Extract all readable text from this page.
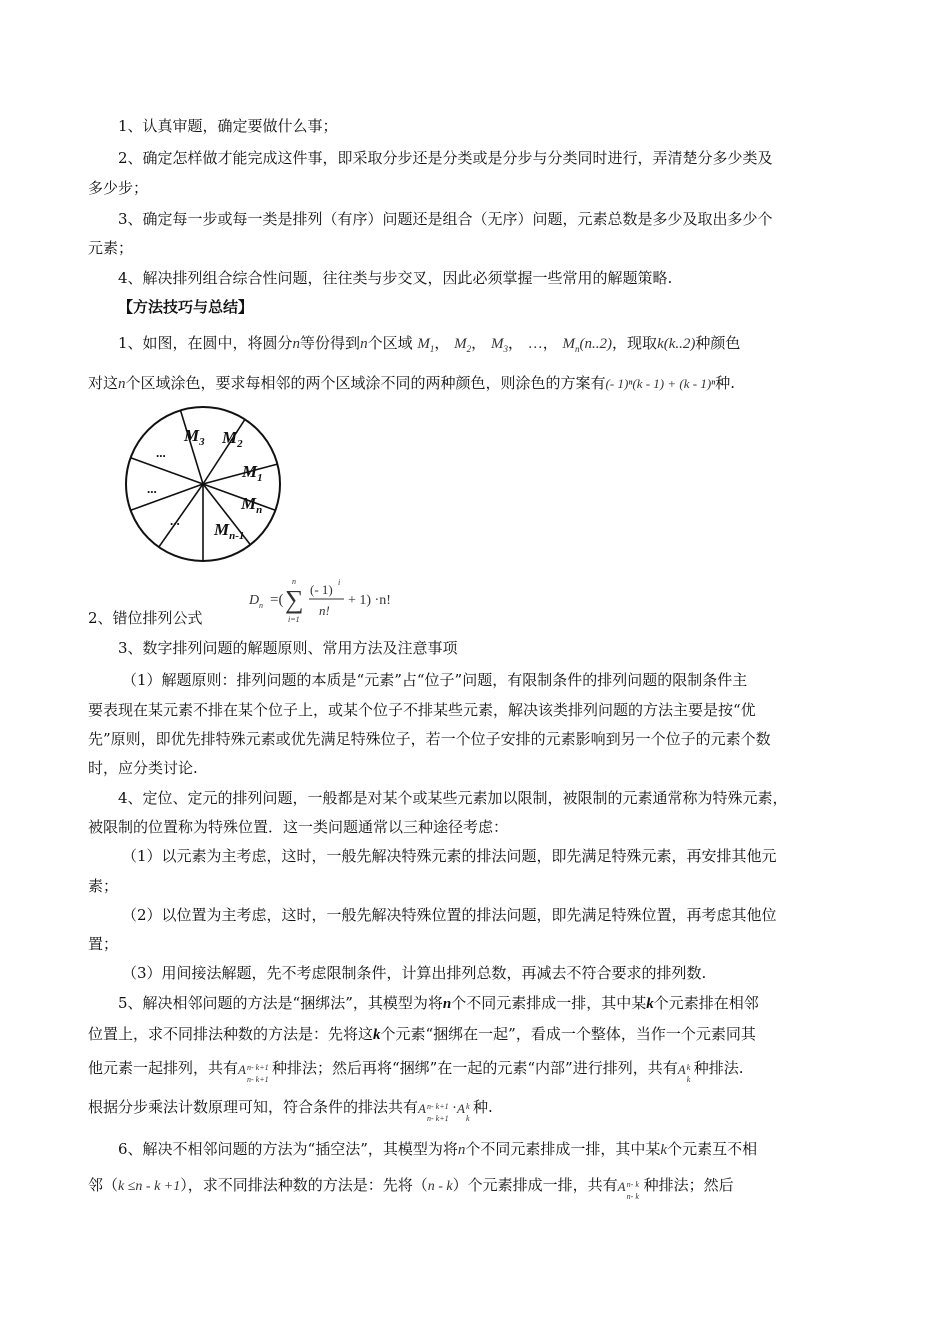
1、认真审题，确定要做什么事；
2、确定怎样做才能完成这件事，即采取分步还是分类或是分步与分类同时进行，弄清楚分多少类及
多少步；
3、确定每一步或每一类是排列（有序）问题还是组合（无序）问题，元素总数是多少及取出多少个
元素；
4、解决排列组合综合性问题，往往类与步交叉，因此必须掌握一些常用的解题策略.
【方法技巧与总结】
1、如图，在圆中，将圆分n等份得到n个区域 $M_1$， $M_2$， $M_3$， …， $M_n(n..2)$，现取k(k..2)种颜色
对这n个区域涂色，要求每相邻的两个区域涂不同的两种颜色，则涂色的方案有(- 1)ⁿ(k - 1) + (k - 1)ⁿ种.
$M_3$ $M_2$
$M_1$
$M_n$
$M_{n-1}$
...
...
...
2、错位排列公式
D n =( ∑
n
i=1
(- 1) i
n!
+ 1) ·n!
3、数字排列问题的解题原则、常用方法及注意事项
（1）解题原则：排列问题的本质是“元素”占“位子”问题，有限制条件的排列问题的限制条件主
要表现在某元素不排在某个位子上，或某个位子不排某些元素，解决该类排列问题的方法主要是按“优
先”原则，即优先排特殊元素或优先满足特殊位子，若一个位子安排的元素影响到另一个位子的元素个数
时，应分类讨论.
4、定位、定元的排列问题，一般都是对某个或某些元素加以限制，被限制的元素通常称为特殊元素，
被限制的位置称为特殊位置．这一类问题通常以三种途径考虑：
（1）以元素为主考虑，这时，一般先解决特殊元素的排法问题，即先满足特殊元素，再安排其他元
素；
（2）以位置为主考虑，这时，一般先解决特殊位置的排法问题，即先满足特殊位置，再考虑其他位
置；
（3）用间接法解题，先不考虑限制条件，计算出排列总数，再减去不符合要求的排列数.
5、解决相邻问题的方法是“捆绑法”，其模型为将n个不同元素排成一排，其中某k个元素排在相邻
位置上，求不同排法种数的方法是：先将这k个元素“捆绑在一起”，看成一个整体，当作一个元素同其
他元素一起排列，共有 A n- k+1
n- k+1
种排法；然后再将“捆绑”在一起的元素“内部”进行排列，共有 A k
k
种排法.
根据分步乘法计数原理可知，符合条件的排法共有 A n- k+1
n- k+1
· A k
k
种.
6、解决不相邻问题的方法为“插空法”，其模型为将n个不同元素排成一排，其中某k个元素互不相
邻（k ≤n - k +1），求不同排法种数的方法是：先将（n - k）个元素排成一排，共有 A n- k
n- k
种排法；然后
